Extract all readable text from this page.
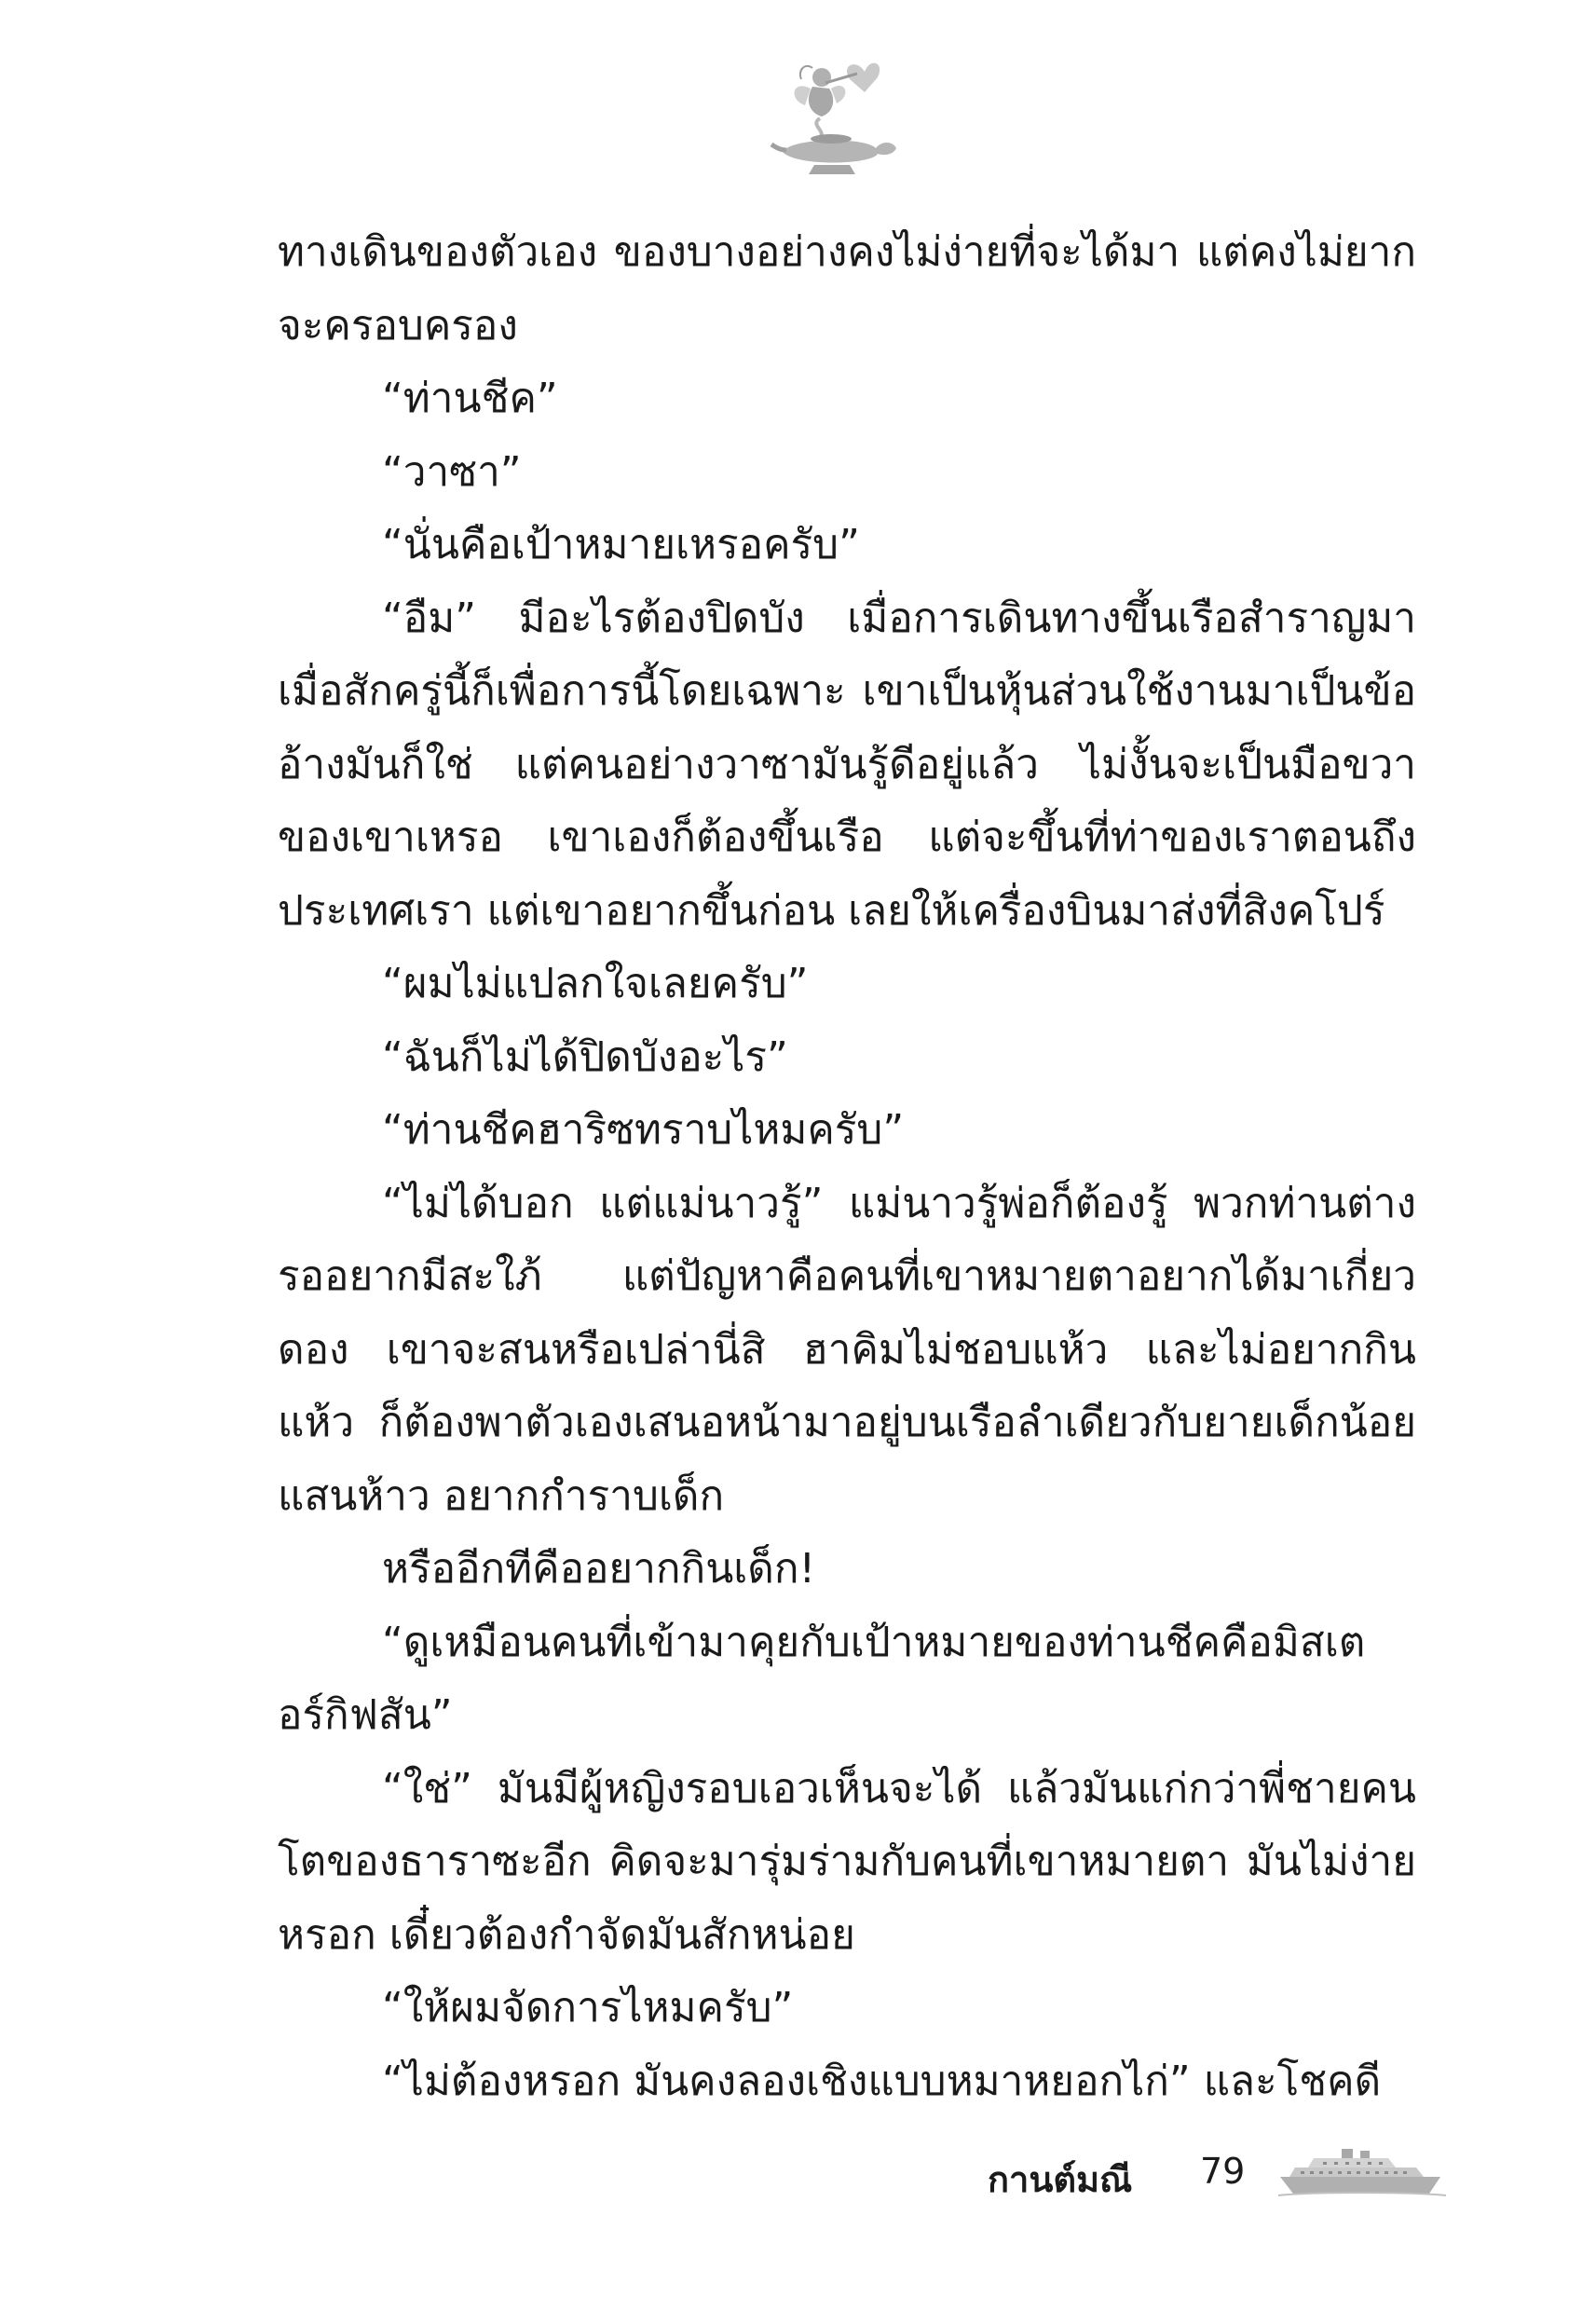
ทางเดินของตัวเอง ของบางอย่างคงไม่ง่ายที่จะได้มา แต่คงไม่ยากจะครอบครอง

“ท่านชีค”

“วาซา”

“นั่นคือเป้าหมายเหรอครับ”

“อืม” มีอะไรต้องปิดบัง เมื่อการเดินทางขึ้นเรือสำราญมาเมื่อสักครู่นี้ก็เพื่อการนี้โดยเฉพาะ เขาเป็นหุ้นส่วนใช้งานมาเป็นข้ออ้างมันก็ใช่ แต่คนอย่างวาซามันรู้ดีอยู่แล้ว ไม่งั้นจะเป็นมือขวาของเขาเหรอ เขาเองก็ต้องขึ้นเรือ แต่จะขึ้นที่ท่าของเราตอนถึงประเทศเรา แต่เขาอยากขึ้นก่อน เลยให้เครื่องบินมาส่งที่สิงคโปร์

“ผมไม่แปลกใจเลยครับ”

“ฉันก็ไม่ได้ปิดบังอะไร”

“ท่านชีคฮาริซทราบไหมครับ”

“ไม่ได้บอก แต่แม่นาวรู้” แม่นาวรู้พ่อก็ต้องรู้ พวกท่านต่างรออยากมีสะใภ้ แต่ปัญหาคือคนที่เขาหมายตาอยากได้มาเกี่ยวดอง เขาจะสนหรือเปล่านี่สิ ฮาคิมไม่ชอบแห้ว และไม่อยากกินแห้ว ก็ต้องพาตัวเองเสนอหน้ามาอยู่บนเรือลำเดียวกับยายเด็กน้อยแสนห้าว อยากกำราบเด็ก

หรืออีกทีคืออยากกินเด็ก!

“ดูเหมือนคนที่เข้ามาคุยกับเป้าหมายของท่านชีคคือมิสเตอร์กิฟสัน”

“ใช่” มันมีผู้หญิงรอบเอวเห็นจะได้ แล้วมันแก่กว่าพี่ชายคนโตของธาราซะอีก คิดจะมารุ่มร่ามกับคนที่เขาหมายตา มันไม่ง่ายหรอก เดี๋ยวต้องกำจัดมันสักหน่อย

“ให้ผมจัดการไหมครับ”

“ไม่ต้องหรอก มันคงลองเชิงแบบหมาหยอกไก่” และโชคดี

กานต์มณี 79
